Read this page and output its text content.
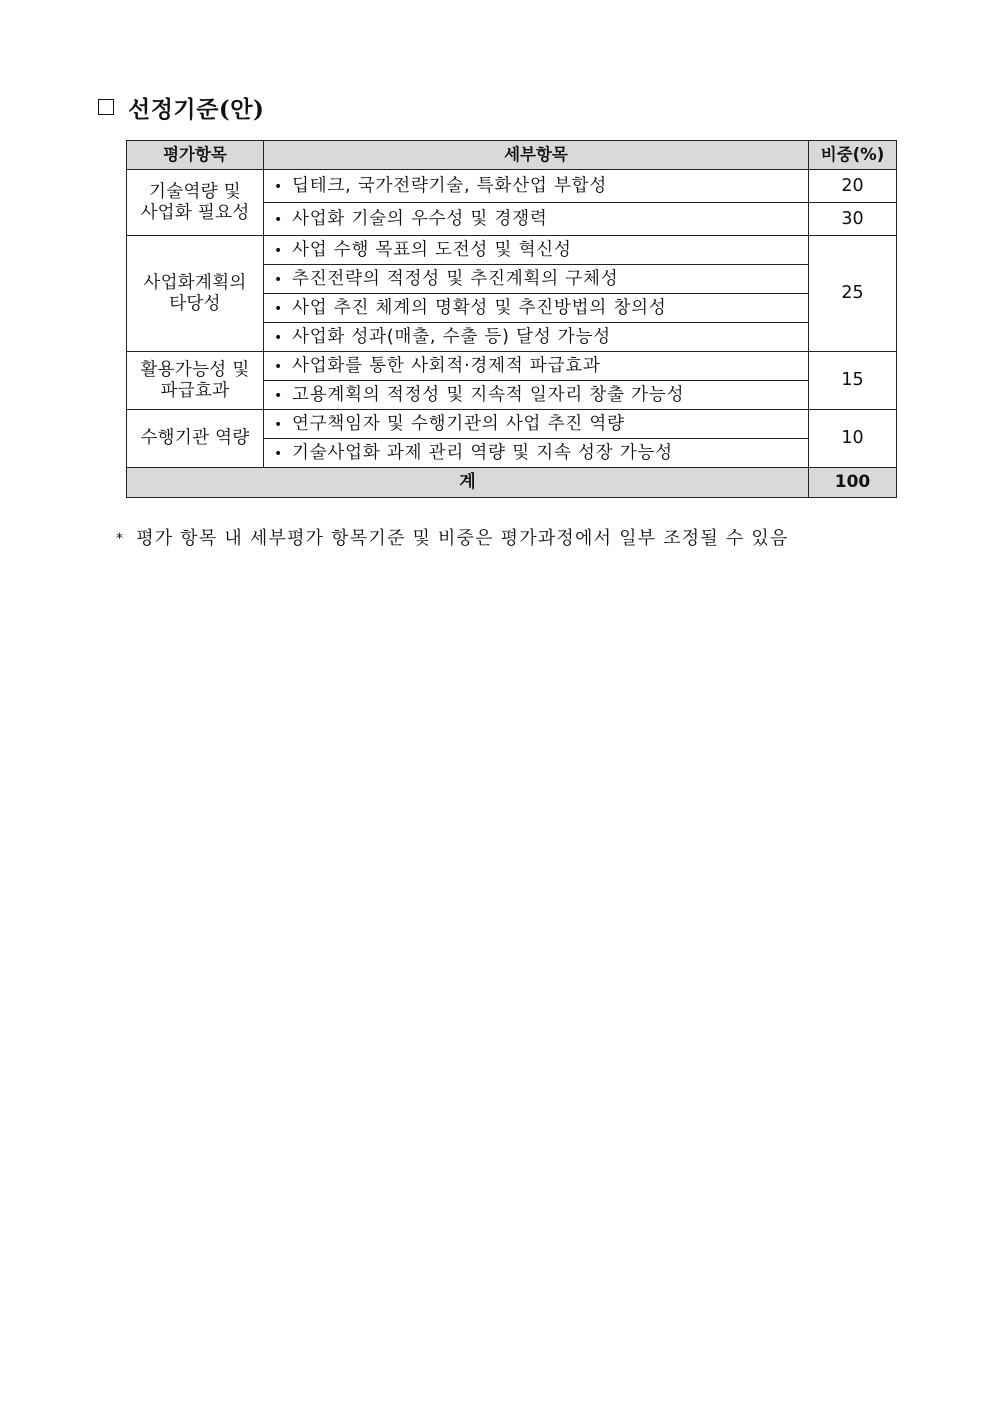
선정기준(안)
평가항목	세부항목	비중(%)

기술역량 및
사업화 필요성	• 딥테크, 국가전략기술, 특화산업 부합성	20
	• 사업화 기술의 우수성 및 경쟁력	30

사업화계획의
타당성	• 사업 수행 목표의 도전성 및 혁신성	25
	• 추진전략의 적정성 및 추진계획의 구체성	
	• 사업 추진 체계의 명확성 및 추진방법의 창의성	
	• 사업화 성과(매출, 수출 등) 달성 가능성	

활용가능성 및
파급효과	• 사업화를 통한 사회적·경제적 파급효과	15
	• 고용계획의 적정성 및 지속적 일자리 창출 가능성	

수행기관 역량	• 연구책임자 및 수행기관의 사업 추진 역량	10
	• 기술사업화 과제 관리 역량 및 지속 성장 가능성	
계		100
* 평가 항목 내 세부평가 항목기준 및 비중은 평가과정에서 일부 조정될 수 있음
